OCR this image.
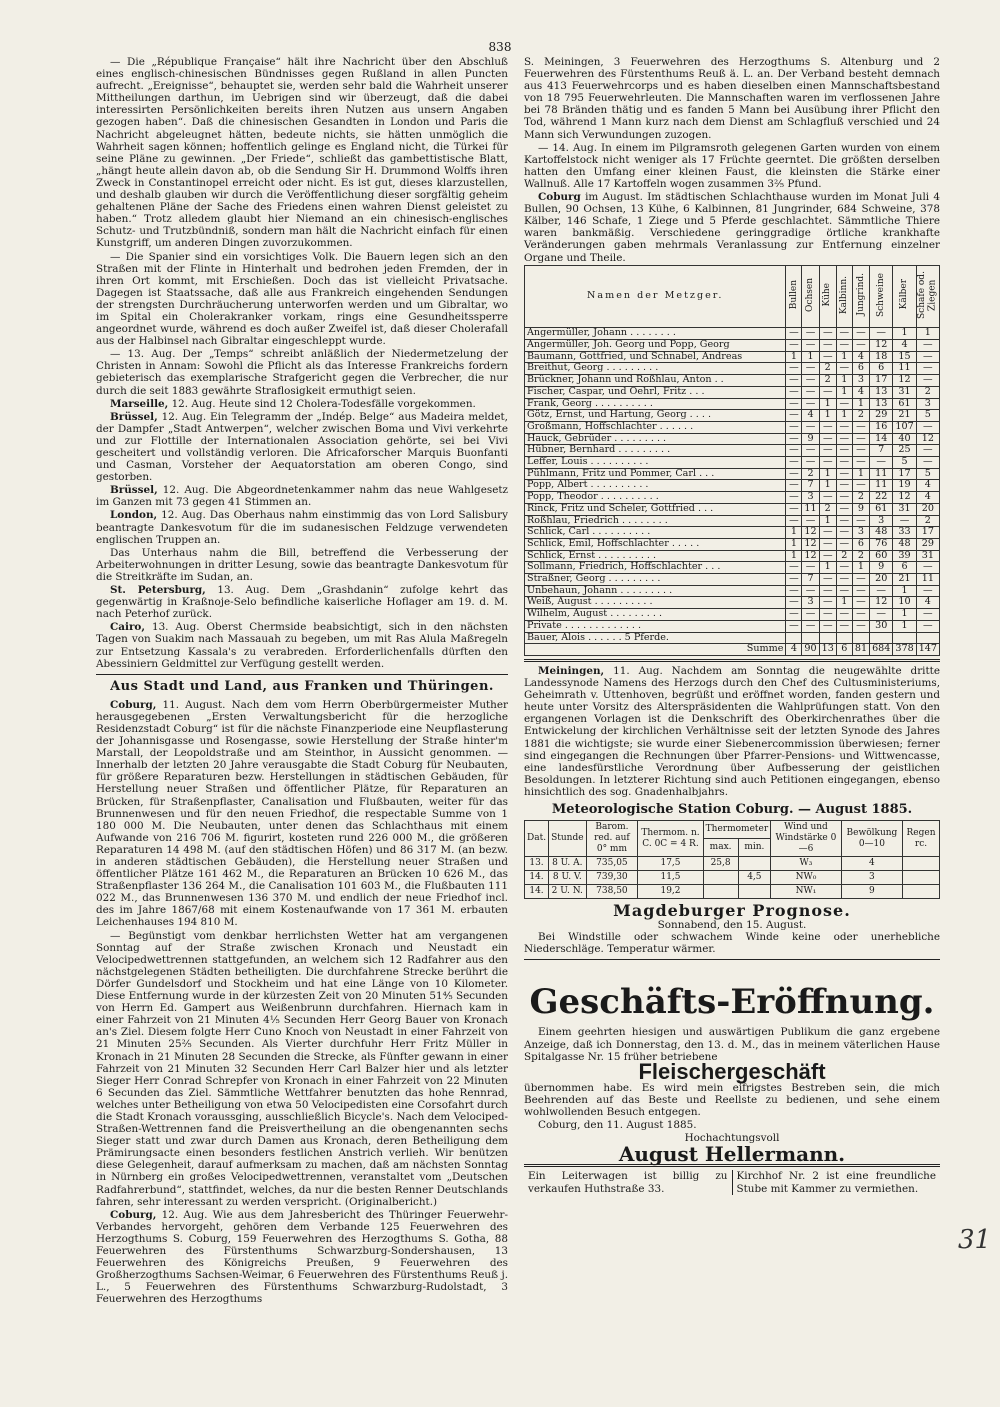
838

— Die „République Française“ hält ihre Nachricht über den Abschluß eines englisch-chinesischen Bündnisses gegen Rußland in allen Puncten aufrecht. „Ereignisse“, behauptet sie, werden sehr bald die Wahrheit unserer Mittheilungen darthun, im Uebrigen sind wir überzeugt, daß die dabei interessirten Persönlichkeiten bereits ihren Nutzen aus unsern Angaben gezogen haben“. Daß die chinesischen Gesandten in London und Paris die Nachricht abgeleugnet hätten, bedeute nichts, sie hätten unmöglich die Wahrheit sagen können; hoffentlich gelinge es England nicht, die Türkei für seine Pläne zu gewinnen. „Der Friede“, schließt das gambettistische Blatt, „hängt heute allein davon ab, ob die Sendung Sir H. Drummond Wolffs ihren Zweck in Constantinopel erreicht oder nicht. Es ist gut, dieses klarzustellen, und deshalb glauben wir durch die Veröffentlichung dieser sorgfältig geheim gehaltenen Pläne der Sache des Friedens einen wahren Dienst geleistet zu haben.“ Trotz alledem glaubt hier Niemand an ein chinesisch-englisches Schutz- und Trutzbündniß, sondern man hält die Nachricht einfach für einen Kunstgriff, um anderen Dingen zuvorzukommen.

— Die Spanier sind ein vorsichtiges Volk. Die Bauern legen sich an den Straßen mit der Flinte in Hinterhalt und bedrohen jeden Fremden, der in ihren Ort kommt, mit Erschießen. Doch das ist vielleicht Privatsache. Dagegen ist Staatssache, daß alle aus Frankreich eingehenden Sendungen der strengsten Durchräucherung unterworfen werden und um Gibraltar, wo im Spital ein Cholerakranker vorkam, rings eine Gesundheitssperre angeordnet wurde, während es doch außer Zweifel ist, daß dieser Cholerafall aus der Halbinsel nach Gibraltar eingeschleppt wurde.

— 13. Aug. Der „Temps“ schreibt anläßlich der Niedermetzelung der Christen in Annam: Sowohl die Pflicht als das Interesse Frankreichs fordern gebieterisch das exemplarische Strafgericht gegen die Verbrecher, die nur durch die seit 1883 gewährte Straflosigkeit ermuthigt seien.

Marseille, 12. Aug. Heute sind 12 Cholera-Todesfälle vorgekommen.

Brüssel, 12. Aug. Ein Telegramm der „Indép. Belge“ aus Madeira meldet, der Dampfer „Stadt Antwerpen“, welcher zwischen Boma und Vivi verkehrte und zur Flottille der Internationalen Association gehörte, sei bei Vivi gescheitert und vollständig verloren. Die Africaforscher Marquis Buonfanti und Casman, Vorsteher der Aequatorstation am oberen Congo, sind gestorben.

Brüssel, 12. Aug. Die Abgeordnetenkammer nahm das neue Wahlgesetz im Ganzen mit 73 gegen 41 Stimmen an.

London, 12. Aug. Das Oberhaus nahm einstimmig das von Lord Salisbury beantragte Dankesvotum für die im sudanesischen Feldzuge verwendeten englischen Truppen an.

Das Unterhaus nahm die Bill, betreffend die Verbesserung der Arbeiterwohnungen in dritter Lesung, sowie das beantragte Dankesvotum für die Streitkräfte im Sudan, an.

St. Petersburg, 13. Aug. Dem „Grashdanin“ zufolge kehrt das gegenwärtig in Kraßnoje-Selo befindliche kaiserliche Hoflager am 19. d. M. nach Peterhof zurück.

Cairo, 13. Aug. Oberst Chermside beabsichtigt, sich in den nächsten Tagen von Suakim nach Massauah zu begeben, um mit Ras Alula Maßregeln zur Entsetzung Kassala's zu verabreden. Erforderlichenfalls dürften den Abessiniern Geldmittel zur Verfügung gestellt werden.

Aus Stadt und Land, aus Franken und Thüringen.

Coburg, 11. August. Nach dem vom Herrn Oberbürgermeister Muther herausgegebenen „Ersten Verwaltungsbericht für die herzogliche Residenzstadt Coburg“ ist für die nächste Finanzperiode eine Neupflasterung der Johannisgasse und Rosengasse, sowie Herstellung der Straße hinter'm Marstall, der Leopoldstraße und am Steinthor, in Aussicht genommen. — Innerhalb der letzten 20 Jahre verausgabte die Stadt Coburg für Neubauten, für größere Reparaturen bezw. Herstellungen in städtischen Gebäuden, für Herstellung neuer Straßen und öffentlicher Plätze, für Reparaturen an Brücken, für Straßenpflaster, Canalisation und Flußbauten, weiter für das Brunnenwesen und für den neuen Friedhof, die respectable Summe von 1 180 000 M. Die Neubauten, unter denen das Schlachthaus mit einem Aufwande von 216 706 M. figurirt, kosteten rund 226 000 M., die größeren Reparaturen 14 498 M. (auf den städtischen Höfen) und 86 317 M. (an bezw. in anderen städtischen Gebäuden), die Herstellung neuer Straßen und öffentlicher Plätze 161 462 M., die Reparaturen an Brücken 10 626 M., das Straßenpflaster 136 264 M., die Canalisation 101 603 M., die Flußbauten 111 022 M., das Brunnenwesen 136 370 M. und endlich der neue Friedhof incl. des im Jahre 1867/68 mit einem Kostenaufwande von 17 361 M. erbauten Leichenhauses 194 810 M.

— Begünstigt vom denkbar herrlichsten Wetter hat am vergangenen Sonntag auf der Straße zwischen Kronach und Neustadt ein Velocipedwettrennen stattgefunden, an welchem sich 12 Radfahrer aus den nächstgelegenen Städten betheiligten. Die durchfahrene Strecke berührt die Dörfer Gundelsdorf und Stockheim und hat eine Länge von 10 Kilometer. Diese Entfernung wurde in der kürzesten Zeit von 20 Minuten 51⁴⁄₅ Secunden von Herrn Ed. Gampert aus Weißenbrunn durchfahren. Hiernach kam in einer Fahrzeit von 21 Minuten 4¹⁄₅ Secunden Herr Georg Bauer von Kronach an's Ziel. Diesem folgte Herr Cuno Knoch von Neustadt in einer Fahrzeit von 21 Minuten 25²⁄₅ Secunden. Als Vierter durchfuhr Herr Fritz Müller in Kronach in 21 Minuten 28 Secunden die Strecke, als Fünfter gewann in einer Fahrzeit von 21 Minuten 32 Secunden Herr Carl Balzer hier und als letzter Sieger Herr Conrad Schrepfer von Kronach in einer Fahrzeit von 22 Minuten 6 Secunden das Ziel. Sämmtliche Wettfahrer benutzten das hohe Rennrad, welches unter Betheiligung von etwa 50 Velocipedisten eine Corsofahrt durch die Stadt Kronach voraussging, ausschließlich Bicycle's. Nach dem Velociped-Straßen-Wettrennen fand die Preisvertheilung an die obengenannten sechs Sieger statt und zwar durch Damen aus Kronach, deren Betheiligung dem Prämirungsacte einen besonders festlichen Anstrich verlieh. Wir benützen diese Gelegenheit, darauf aufmerksam zu machen, daß am nächsten Sonntag in Nürnberg ein großes Velocipedwettrennen, veranstaltet vom „Deutschen Radfahrerbund“, stattfindet, welches, da nur die besten Renner Deutschlands fahren, sehr interessant zu werden verspricht. (Originalbericht.)

Coburg, 12. Aug. Wie aus dem Jahresbericht des Thüringer Feuerwehr-Verbandes hervorgeht, gehören dem Verbande 125 Feuerwehren des Herzogthums S. Coburg, 159 Feuerwehren des Herzogthums S. Gotha, 88 Feuerwehren des Fürstenthums Schwarzburg-Sondershausen, 13 Feuerwehren des Königreichs Preußen, 9 Feuerwehren des Großherzogthums Sachsen-Weimar, 6 Feuerwehren des Fürstenthums Reuß j. L., 5 Feuerwehren des Fürstenthums Schwarzburg-Rudolstadt, 3 Feuerwehren des Herzogthums

S. Meiningen, 3 Feuerwehren des Herzogthums S. Altenburg und 2 Feuerwehren des Fürstenthums Reuß ä. L. an. Der Verband besteht demnach aus 413 Feuerwehrcorps und es haben dieselben einen Mannschaftsbestand von 18 795 Feuerwehrleuten. Die Mannschaften waren im verflossenen Jahre bei 78 Bränden thätig und es fanden 5 Mann bei Ausübung ihrer Pflicht den Tod, während 1 Mann kurz nach dem Dienst am Schlagfluß verschied und 24 Mann sich Verwundungen zuzogen.

— 14. Aug. In einem im Pilgramsroth gelegenen Garten wurden von einem Kartoffelstock nicht weniger als 17 Früchte geerntet. Die größten derselben hatten den Umfang einer kleinen Faust, die kleinsten die Stärke einer Wallnuß. Alle 17 Kartoffeln wogen zusammen 3²⁄₅ Pfund.

Coburg im August. Im städtischen Schlachthause wurden im Monat Juli 4 Bullen, 90 Ochsen, 13 Kühe, 6 Kalbinnen, 81 Jungrinder, 684 Schweine, 378 Kälber, 146 Schafe, 1 Ziege und 5 Pferde geschlachtet. Sämmtliche Thiere waren bankmäßig. Verschiedene geringgradige örtliche krankhafte Veränderungen gaben mehrmals Veranlassung zur Entfernung einzelner Organe und Theile.

Namen der Metzger.	Bullen	Ochsen	Kühe	Kalbinn.	Jungrind.	Schweine	Kälber	Schafe od. Ziegen
Angermüller, Johann . . . . . . . .	—	—	—	—	—	—	1	1
Angermüller, Joh. Georg und Popp, Georg	—	—	—	—	—	12	4	—
Baumann, Gottfried, und Schnabel, Andreas	1	1	—	1	4	18	15	—
Breithut, Georg . . . . . . . . .	—	—	2	—	6	6	11	—
Brückner, Johann und Roßhlau, Anton . .	—	—	2	1	3	17	12	—
Fischer, Caspar, und Oehrl, Fritz . . .	—	—	—	1	4	13	31	2
Frank, Georg . . . . . . . . . .	—	—	1	—	1	13	61	3
Götz, Ernst, und Hartung, Georg . . . .	—	4	1	1	2	29	21	5
Großmann, Hoffschlachter . . . . . .	—	—	—	—	—	16	107	—
Hauck, Gebrüder . . . . . . . . .	—	9	—	—	—	14	40	12
Hübner, Bernhard . . . . . . . . .	—	—	—	—	—	7	25	—
Leffer, Louis . . . . . . . . . .	—	—	—	—	—	—	5	—
Pühlmann, Fritz und Pommer, Carl . . .	—	2	1	—	1	11	17	5
Popp, Albert . . . . . . . . . .	—	7	1	—	—	11	19	4
Popp, Theodor . . . . . . . . . .	—	3	—	—	2	22	12	4
Rinck, Fritz und Scheler, Gottfried . . .	—	11	2	—	9	61	31	20
Roßhlau, Friedrich . . . . . . . .	—	—	1	—	—	3	—	2
Schlick, Carl . . . . . . . . . .	1	12	—	—	3	48	33	17
Schlick, Emil, Hoffschlachter . . . . .	1	12	—	—	6	76	48	29
Schlick, Ernst . . . . . . . . . .	1	12	—	2	2	60	39	31
Sollmann, Friedrich, Hoffschlachter . . .	—	—	1	—	1	9	6	—
Straßner, Georg . . . . . . . . .	—	7	—	—	—	20	21	11
Unbehaun, Johann . . . . . . . . .	—	—	—	—	—	—	1	—
Weiß, August . . . . . . . . . .	—	3	—	1	—	12	10	4
Wilhelm, August . . . . . . . . .	—	—	—	—	—	—	1	—
Private . . . . . . . . . . . . .	—	—	—	—	—	30	1	—
Bauer, Alois . . . . . . 5 Pferde.								
Summe	4	90	13	6	81	684	378	147

Meiningen, 11. Aug. Nachdem am Sonntag die neugewählte dritte Landessynode Namens des Herzogs durch den Chef des Cultusministeriums, Geheimrath v. Uttenhoven, begrüßt und eröffnet worden, fanden gestern und heute unter Vorsitz des Alterspräsidenten die Wahlprüfungen statt. Von den ergangenen Vorlagen ist die Denkschrift des Oberkirchenrathes über die Entwickelung der kirchlichen Verhältnisse seit der letzten Synode des Jahres 1881 die wichtigste; sie wurde einer Siebenercommission überwiesen; ferner sind eingegangen die Rechnungen über Pfarrer-Pensions- und Wittwencasse, eine landesfürstliche Verordnung über Aufbesserung der geistlichen Besoldungen. In letzterer Richtung sind auch Petitionen eingegangen, ebenso hinsichtlich des sog. Gnadenhalbjahrs.

Meteorologische Station Coburg. — August 1885.
Dat.	Stunde	Barom. red. auf 0° mm	Thermom. n. C. 0C = 4 R.	Thermometer		Wind und Windstärke 0—6	Bewölkung 0—10	Regen rc.
				max.	min.			
13.	8 U. A.	735,05	17,5	25,8		W₃	4	
14.	8 U. V.	739,30	11,5		4,5	NW₀	3	
14.	2 U. N.	738,50	19,2			NW₁	9	
Magdeburger Prognose.
Sonnabend, den 15. August.

Bei Windstille oder schwachem Winde keine oder unerhebliche Niederschläge. Temperatur wärmer.

Geschäfts-Eröffnung.

Einem geehrten hiesigen und auswärtigen Publikum die ganz ergebene Anzeige, daß ich Donnerstag, den 13. d. M., das in meinem väterlichen Hause Spitalgasse Nr. 15 früher betriebene

Fleischergeschäft

übernommen habe. Es wird mein eifrigstes Bestreben sein, die mich Beehrenden auf das Beste und Reellste zu bedienen, und sehe einem wohlwollenden Besuch entgegen.

Coburg, den 11. August 1885.

Hochachtungsvoll
August Hellermann.
Ein Leiterwagen ist billig zu verkaufen Huthstraße 33.
Kirchhof Nr. 2 ist eine freundliche Stube mit Kammer zu vermiethen.
31
